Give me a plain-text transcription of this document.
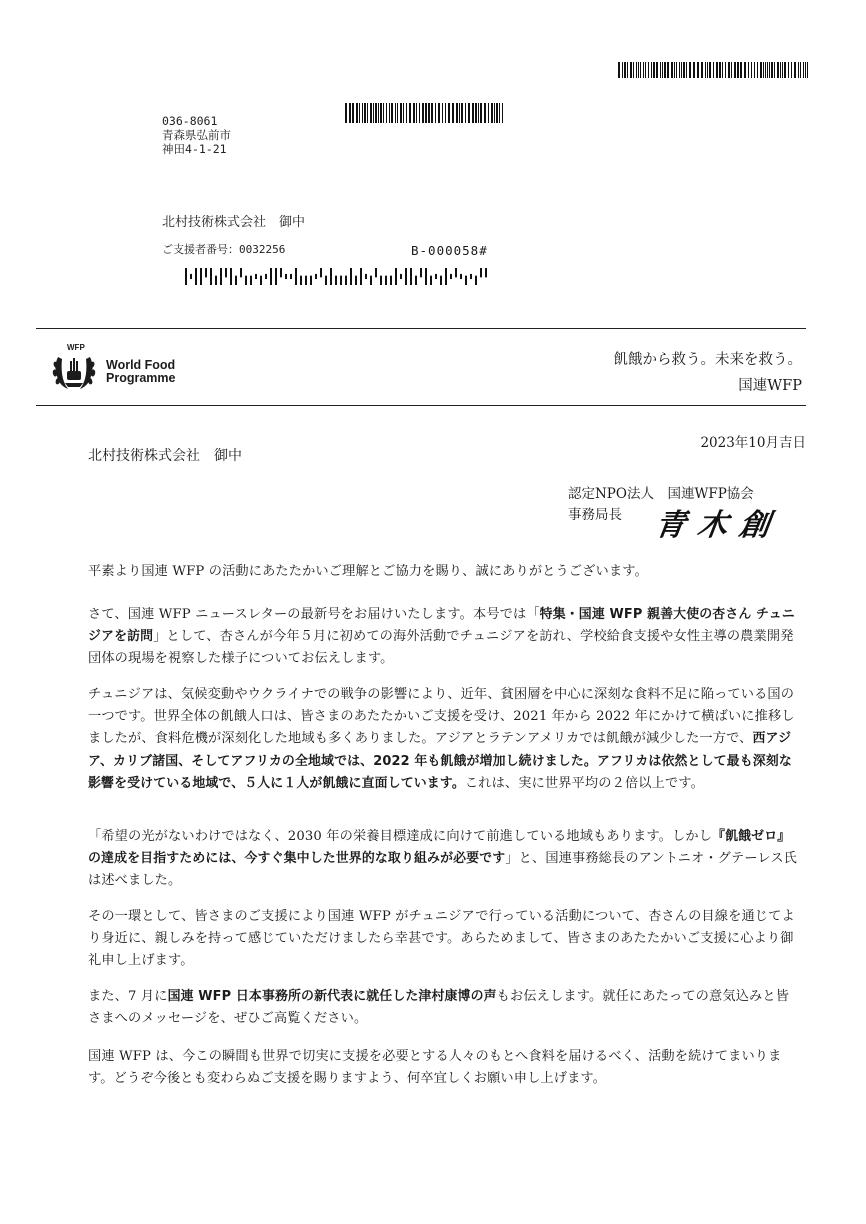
036-8061
青森県弘前市
神田4-1-21
北村技術株式会社　御中
ご支援者番号：0032256	B-000058#
WFP
World Food
Programme
飢餓から救う。未来を救う。
国連WFP
北村技術株式会社　御中
2023年10月吉日
認定NPO法人　国連WFP協会
事務局長 青木創
平素より国連 WFP の活動にあたたかいご理解とご協力を賜り、誠にありがとうございます。
さて、国連 WFP ニュースレターの最新号をお届けいたします。本号では「特集・国連 WFP 親善大使の杏さん チュニジアを訪問」として、杏さんが今年５月に初めての海外活動でチュニジアを訪れ、学校給食支援や女性主導の農業開発団体の現場を視察した様子についてお伝えします。
チュニジアは、気候変動やウクライナでの戦争の影響により、近年、貧困層を中心に深刻な食料不足に陥っている国の一つです。世界全体の飢餓人口は、皆さまのあたたかいご支援を受け、2021 年から 2022 年にかけて横ばいに推移しましたが、食料危機が深刻化した地域も多くありました。アジアとラテンアメリカでは飢餓が減少した一方で、西アジア、カリブ諸国、そしてアフリカの全地域では、2022 年も飢餓が増加し続けました。アフリカは依然として最も深刻な影響を受けている地域で、５人に１人が飢餓に直面しています。これは、実に世界平均の２倍以上です。
「希望の光がないわけではなく、2030 年の栄養目標達成に向けて前進している地域もあります。しかし『飢餓ゼロ』の達成を目指すためには、今すぐ集中した世界的な取り組みが必要です」と、国連事務総長のアントニオ・グテーレス氏は述べました。
その一環として、皆さまのご支援により国連 WFP がチュニジアで行っている活動について、杏さんの目線を通じてより身近に、親しみを持って感じていただけましたら幸甚です。あらためまして、皆さまのあたたかいご支援に心より御礼申し上げます。
また、7 月に国連 WFP 日本事務所の新代表に就任した津村康博の声もお伝えします。就任にあたっての意気込みと皆さまへのメッセージを、ぜひご高覧ください。
国連 WFP は、今この瞬間も世界で切実に支援を必要とする人々のもとへ食料を届けるべく、活動を続けてまいります。どうぞ今後とも変わらぬご支援を賜りますよう、何卒宜しくお願い申し上げます。
